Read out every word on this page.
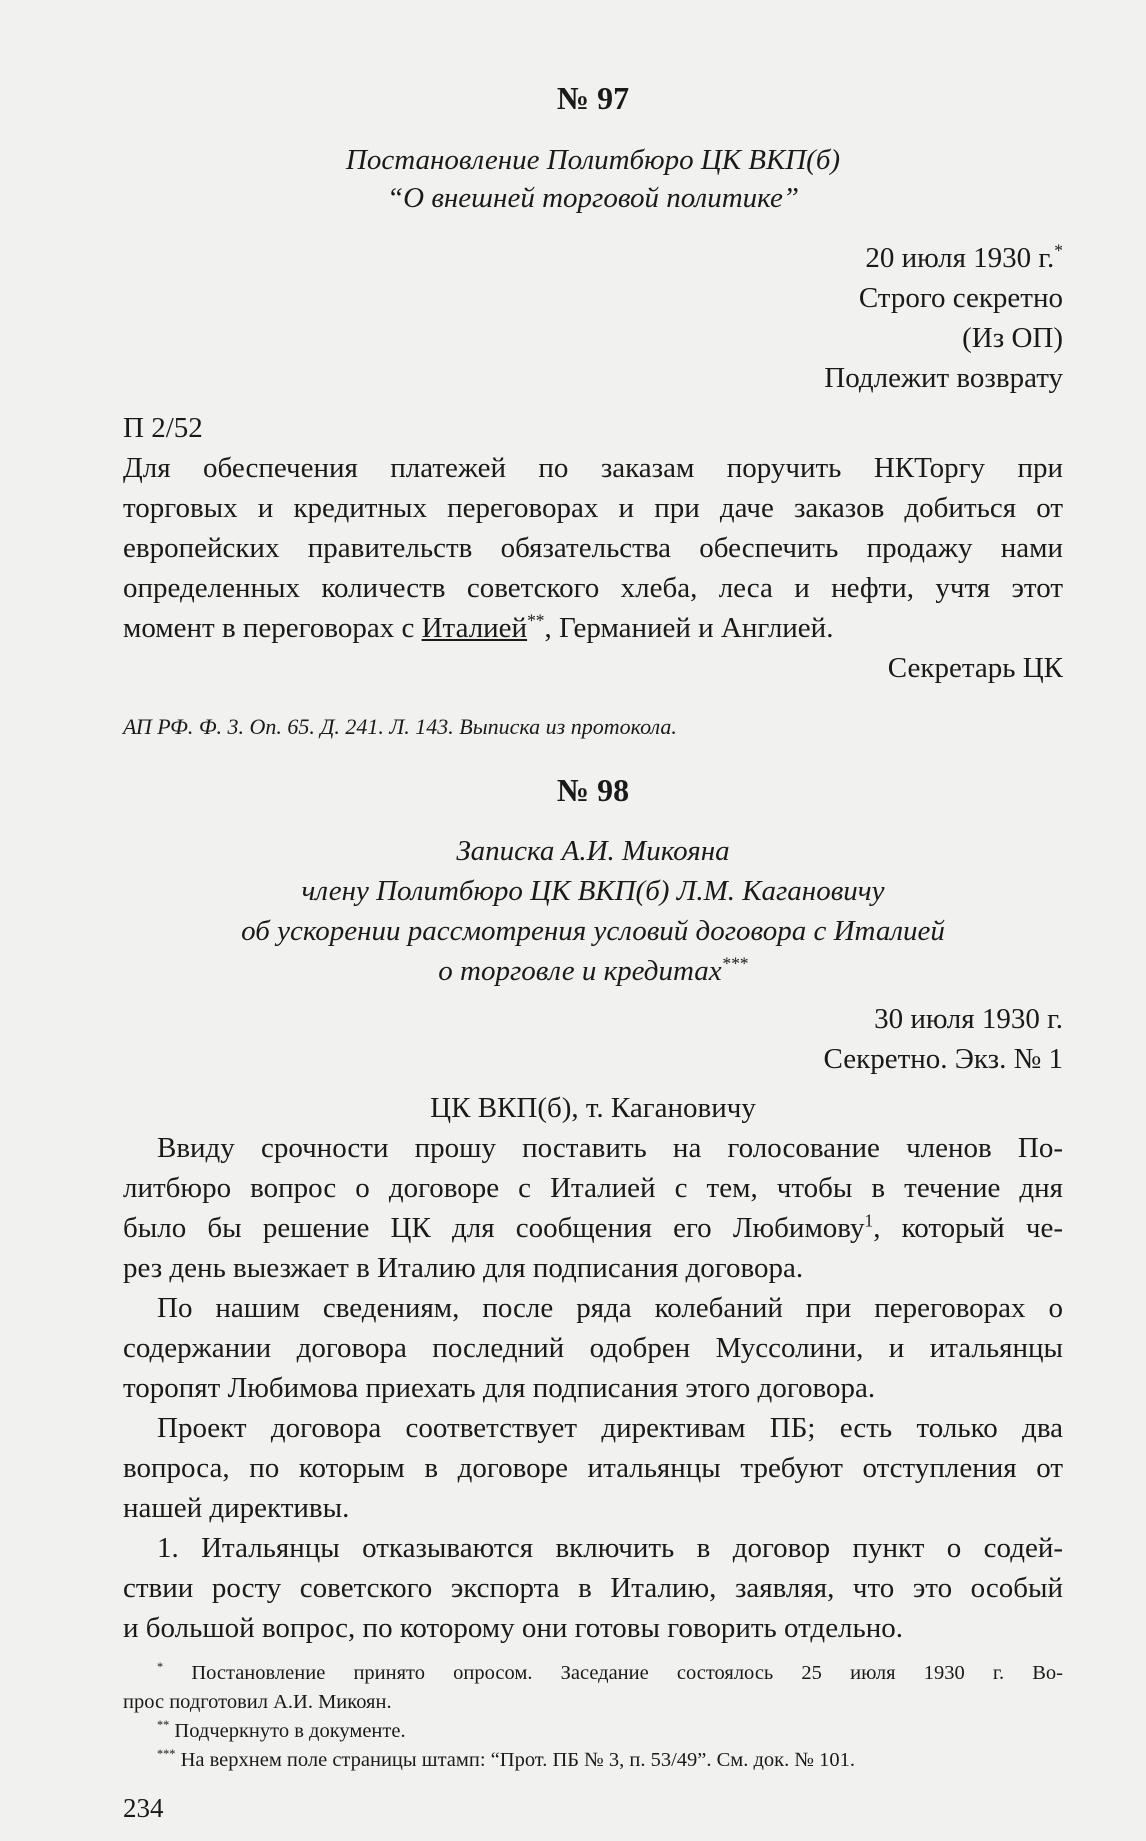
№ 97
Постановление Политбюро ЦК ВКП(б)
“О внешней торговой политике”
20 июля 1930 г.*
Строго секретно
(Из ОП)
Подлежит возврату
П 2/52
Для обеспечения платежей по заказам поручить НКТоргу при
торговых и кредитных переговорах и при даче заказов добиться от
европейских правительств обязательства обеспечить продажу нами
определенных количеств советского хлеба, леса и нефти, учтя этот
момент в переговорах с Италией**, Германией и Англией.
Секретарь ЦК
АП РФ. Ф. 3. Оп. 65. Д. 241. Л. 143. Выписка из протокола.
№ 98
Записка А.И. Микояна
члену Политбюро ЦК ВКП(б) Л.М. Кагановичу
об ускорении рассмотрения условий договора с Италией
о торговле и кредитах***
30 июля 1930 г.
Секретно. Экз. № 1
ЦК ВКП(б), т. Кагановичу
Ввиду срочности прошу поставить на голосование членов По-
литбюро вопрос о договоре с Италией с тем, чтобы в течение дня
было бы решение ЦК для сообщения его Любимову$^1$, который че-
рез день выезжает в Италию для подписания договора.
По нашим сведениям, после ряда колебаний при переговорах о
содержании договора последний одобрен Муссолини, и итальянцы
торопят Любимова приехать для подписания этого договора.
Проект договора соответствует директивам ПБ; есть только два
вопроса, по которым в договоре итальянцы требуют отступления от
нашей директивы.
1. Итальянцы отказываются включить в договор пункт о содей-
ствии росту советского экспорта в Италию, заявляя, что это особый
и большой вопрос, по которому они готовы говорить отдельно.
* Постановление принято опросом. Заседание состоялось 25 июля 1930 г. Во-
прос подготовил А.И. Микоян.
** Подчеркнуто в документе.
*** На верхнем поле страницы штамп: “Прот. ПБ № 3, п. 53/49”. См. док. № 101.
234
